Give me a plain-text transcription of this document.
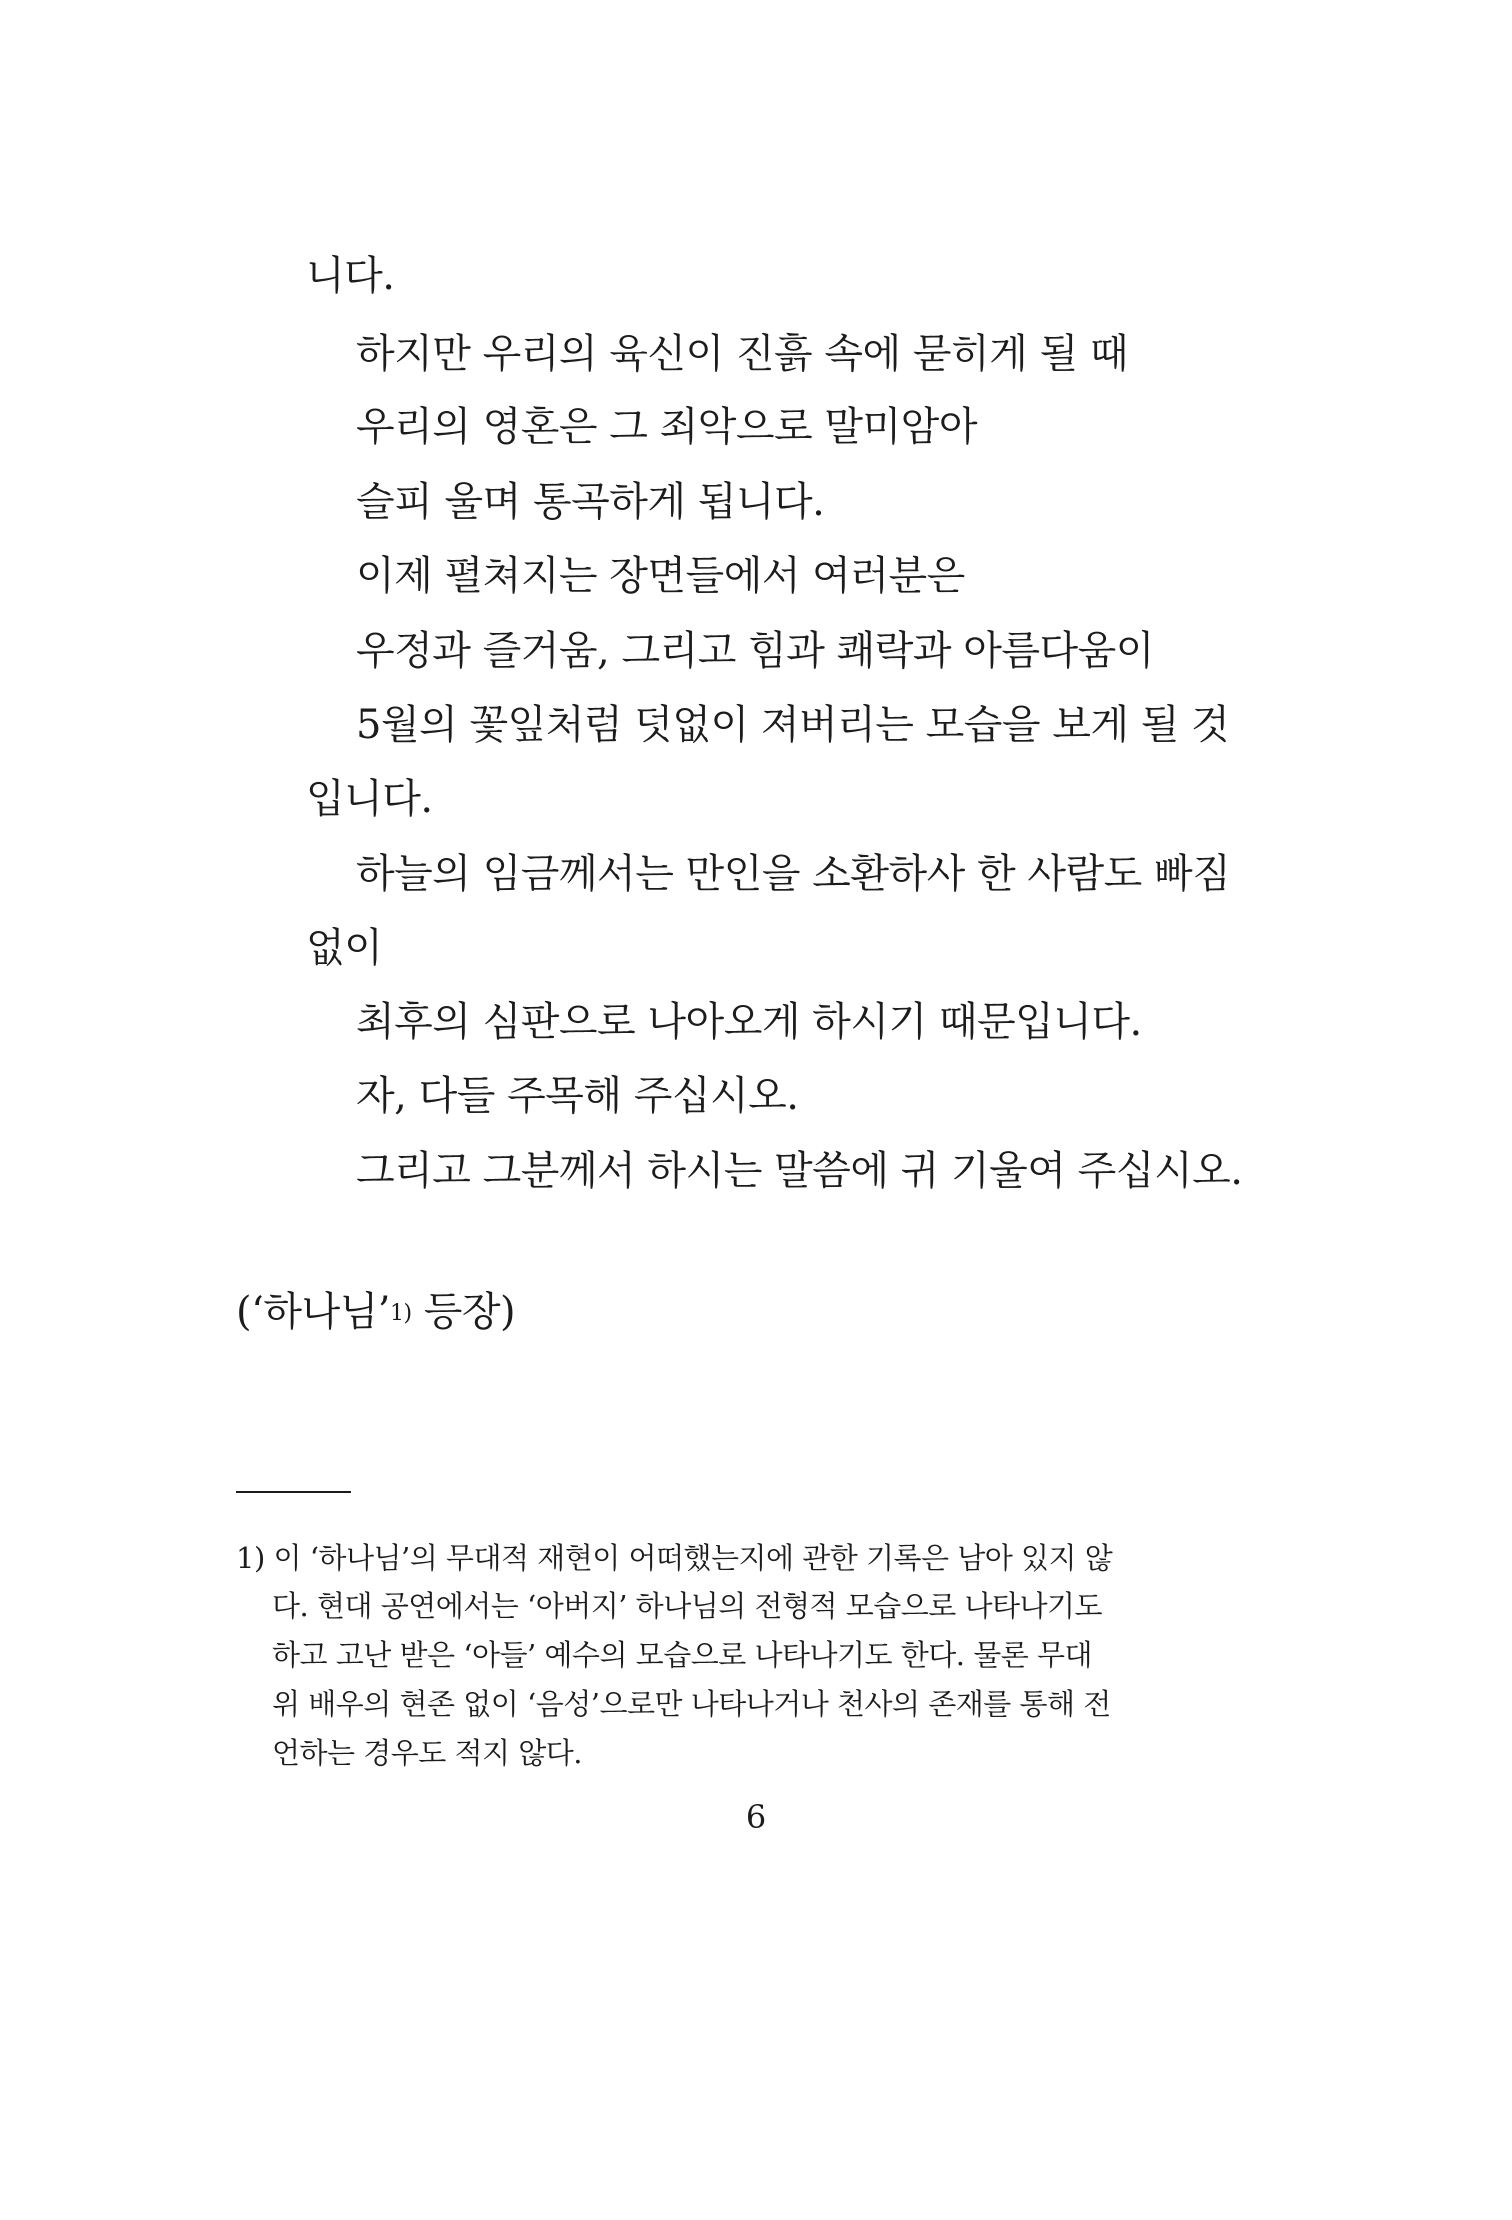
니다.
하지만 우리의 육신이 진흙 속에 묻히게 될 때
우리의 영혼은 그 죄악으로 말미암아
슬피 울며 통곡하게 됩니다.
이제 펼쳐지는 장면들에서 여러분은
우정과 즐거움, 그리고 힘과 쾌락과 아름다움이
5월의 꽃잎처럼 덧없이 져버리는 모습을 보게 될 것
입니다.
하늘의 임금께서는 만인을 소환하사 한 사람도 빠짐
없이
최후의 심판으로 나아오게 하시기 때문입니다.
자, 다들 주목해 주십시오.
그리고 그분께서 하시는 말씀에 귀 기울여 주십시오.
(‘하나님’$^{1)}$ 등장)
1) 이 ‘하나님’의 무대적 재현이 어떠했는지에 관한 기록은 남아 있지 않
다. 현대 공연에서는 ‘아버지’ 하나님의 전형적 모습으로 나타나기도
하고 고난 받은 ‘아들’ 예수의 모습으로 나타나기도 한다. 물론 무대
위 배우의 현존 없이 ‘음성’으로만 나타나거나 천사의 존재를 통해 전
언하는 경우도 적지 않다.
6
